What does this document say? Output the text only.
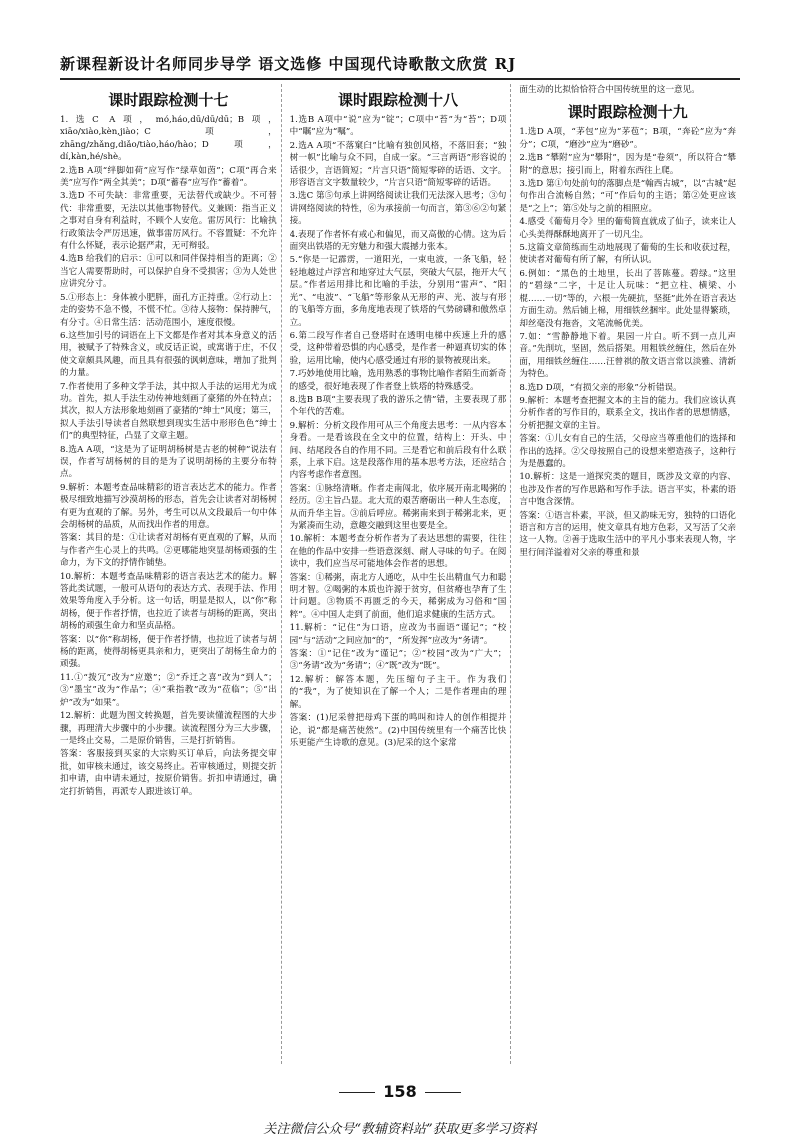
新课程新设计名师同步导学 语文选修 中国现代诗歌散文欣赏 RJ
课时跟踪检测十七
1.选C A项，mó,háo,dū/dū/dū；B项，xiāo/xiào,kèn,jiào；C项，zhāng/zhǎng,diǎo/tiào,háo/hào；D项，dí,kàn,hé/shè。
2.选B A项“绊脚如荷”应写作“绿草如茵”；C项“再合来美”应写作“两全其美”；D项“蓄春”应写作“蓄着”。
3.选D 不可失缺：非常重要，无法替代或缺少。不可替代：非常重要，无法以其他事物替代。义兼顾：指当正义之事对自身有利益时，不顾个人安危。雷厉风行：比喻执行政策法令严厉迅速，做事雷厉风行。不容置疑：不允许有什么怀疑，表示论据严肃，无可辩驳。
4.选B 给我们的启示：①可以和同伴保持相当的距离；②当它人需要帮助时，可以保护自身不受损害；③为人处世应讲究分寸。
5.①形态上：身体被小肥胖，面孔方正持重。②行动上：走的姿势不急不慢，不慌不忙。③待人接物：保持脾气，有分寸。④日常生活：活动范围小，速度很慢。
6.这些加引号的词语在上下文都是作者对其本身意义的活用，被赋予了特殊含义，或反话正说，或寓谐于庄，不仅使文章颇具风趣，而且具有很强的讽刺意味，增加了批判的力量。
7.作者使用了多种文学手法，其中拟人手法的运用尤为成功。首先，拟人手法生动传神地刻画了豪猪的外在特点；其次，拟人方法形象地刻画了豪猪的“绅士”风度；第三，拟人手法引导读者自然联想到现实生活中形形色色“绅士们”的典型特征，凸显了文章主题。
8.选A A项，“这是为了证明胡杨树是古老的树种”说法有误，作者写胡杨树的目的是为了说明胡杨的主要分布特点。
9.解析：本题考查品味精彩的语言表达艺术的能力。作者极尽细致地描写沙漠胡杨的形态，首先会让读者对胡杨树有更为直观的了解。另外，考生可以从文段最后一句中体会胡杨树的品质，从而找出作者的用意。
答案：其目的是：①让读者对胡杨有更直观的了解，从而与作者产生心灵上的共鸣。②更哪能地突显胡杨顽强的生命力，为下文的抒情作铺垫。
10.解析：本题考查品味精彩的语言表达艺术的能力。解答此类试题，一般可从语句的表达方式、表现手法、作用效果等角度入手分析。这一句话，明显是拟人，以“你”称胡杨，便于作者抒情，也拉近了读者与胡杨的距离，突出胡杨的顽强生命力和坚贞品格。
答案：以“你”称胡杨，便于作者抒情，也拉近了读者与胡杨的距离，使得胡杨更具亲和力，更突出了胡杨生命力的顽强。
11.①“拨冗”改为“应邀”；②“乔迁之喜”改为“到人”；③“墨宝”改为“作品”；④“乘指教”改为“莅临”；⑤“出炉”改为“如果”。
12.解析：此题为图文转换题，首先要读懂流程图的大步骤，再理清大步骤中的小步骤。读流程图分为三大步骤，一是终止交易，二是原价销售，三是打折销售。
答案：客服接到买家的大宗购买订单后，向法务提交审批，如审核未通过，该交易终止。若审核通过，则提交折扣申请，由申请未通过，按原价销售。折扣申请通过，确定打折销售，再派专人跟进该订单。
课时跟踪检测十八
1.选B A项中“说”应为“锭”；C项中“苔”为“苔”；D项中“瞩”应为“嘱”。
2.选A A项“不落窠臼”比喻有独创风格，不落旧套；“独树一帜”比喻与众不同，自成一家。“三言两语”形容说的话很少，言语简短；“片言只语”简短零碎的话语、文字。形容语言文字数量较少，“片言只语”简短零碎的话语。
3.选C 第⑤句承上讲网络阅读让我们无法深入思考；③句讲网络阅读的特性，⑥为承接前一句而言，第③⑥②句紧接。
4.表现了作者怀有戒心和偏见，而又高傲的心情。这为后面突出铁塔的无穷魅力和强大震撼力张本。
5.“你是一记霹雳，一道阳光，一束电波，一条飞船，轻轻地越过卢浮宫和地穿过大气层，突破大气层，拖开大气层。”作者运用排比和比喻的手法，分别用“雷声”、“阳光”、“电波”、“飞船”等形象从无形的声、光、波与有形的飞船等方面，多角度地表现了铁塔的气势磅礴和傲然卓立。
6.第二段写作者自己登塔时在透明电梯中疾速上升的感受，这种带着恐惧的内心感受，是作者一种逼真切实的体验，运用比喻，使内心感受通过有形的景物被现出来。
7.巧妙地使用比喻，选用熟悉的事物比喻作者陌生而新奇的感受，很好地表现了作者登上铁塔的特殊感受。
8.选B B项“主要表现了我的游乐之情”错，主要表现了那个年代的苦难。
9.解析：分析文段作用可从三个角度去思考：一从内容本身看。一是看该段在全文中的位置，结构上：开头、中间、结尾段各自的作用不同。三是看它和前后段有什么联系，上承下启。这是段落作用的基本思考方法，还应结合内容考虑作者意图。
答案：①脉络清晰。作者走南闯北，依序展开南北喝粥的经历。②主旨凸显。北大荒的艰苦磨砺出一种人生态度，从而升华主旨。③前后呼应。稀粥南来到于稀粥北来，更为紧凑而生动，意趣交融到这里也要是全。
10.解析：本题考查分析作者为了表达思想的需要，往往在他的作品中安排一些语意深刻、耐人寻味的句子。在阅读中，我们应当尽可能地体会作者的思想。
答案：①稀粥，南北方人通吃，从中生长出精血气力和聪明才智。②喝粥的本质也许源于贫穷，但贫瘠也孕育了生计问题。③物质不再匮乏的今天，稀粥成为习俗和“国粹”。④中国人走到了前面，他们追求健康的生活方式。
11.解析：“记住”为口语，应改为书面语“谨记”；“校园”与“活动”之间应加“的”，“所发挥”应改为“务请”。
答案：①“记住”改为“谨记”；②“校园”改为“广大”；③“务请”改为“务请”；④“既”改为“既”。
12.解析：解答本题，先压缩句子主干。作为我们的“我”，为了使知识在了解一个人；二是作者理由的理解。
答案：(1)尼采曾把母鸡下蛋的鸣叫和诗人的创作相提并论，说“都是痛苦使然”。(2)中国传统里有一个痛苦比快乐更能产生诗歌的意见。(3)尼采的这个家常
面生动的比拟恰恰符合中国传统里的这一意见。
课时跟踪检测十九
1.选D A项，“茅包”应为“茅苞”；B项，“奔砼”应为“奔分”；C项，“磨沙”应为“磨砂”。
2.选B “攀附”应为“攀附”，因为是“卷须”，所以符合“攀附”的意思；接引而上，附着东西往上爬。
3.选D 第①句处前句的落脚点是“翰西古城”，以“古城”起句作出合流畅自然；“可”作后句的主语；第②处更应该是“之上”；第⑤处与之前的相照应。
4.感受《葡萄月令》里的葡萄简直就成了仙子，读来让人心头美得酥酥地离开了一切凡尘。
5.这篇文章简练而生动地展现了葡萄的生长和收获过程，使读者对葡萄有所了解，有所认识。
6.例如：“黑色的土地里，长出了菩陈蔓。碧绿。”这里的“碧绿”二字，十足让人玩味：“把立柱、横梁、小棍……一切”等的，六根一先硬抗，坚挺”此外在语言表达方面生动。然后铺上棉，用细铁丝捆牢。此处显得繁琐，却丝毫没有拖沓，文笔流畅优美。
7.如：“雪静静地下着。果园一片白。听不到一点儿声音。”先削坑，坚固，然后搭架。用粗铁丝缠住，然后在外面，用细铁丝缠住……汪曾祺的散文语言常以淡雅、清新为特色。
8.选D D项，“有损父亲的形象”分析错误。
9.解析：本题考查把握文本的主旨的能力。我们应该认真分析作者的写作目的，联系全文，找出作者的思想情感，分析把握文章的主旨。
答案：①儿女有自己的生活，父母应当尊重他们的选择和作出的选择。②父母按照自己的设想来塑造孩子，这种行为是愚蠢的。
10.解析：这是一道探究类的题目，既涉及文章的内容、也涉及作者的写作思路和写作手法。语言平实，朴素的语言中饱含深情。
答案：①语言朴素，平淡，但又韵味无穷，独特的口语化语言和方言的运用，使文章具有地方色彩，又写活了父亲这一人物。②善于选取生活中的平凡小事来表现人物，字里行间洋溢着对父亲的尊重和景
158
关注微信公众号“教辅资料站”获取更多学习资料
